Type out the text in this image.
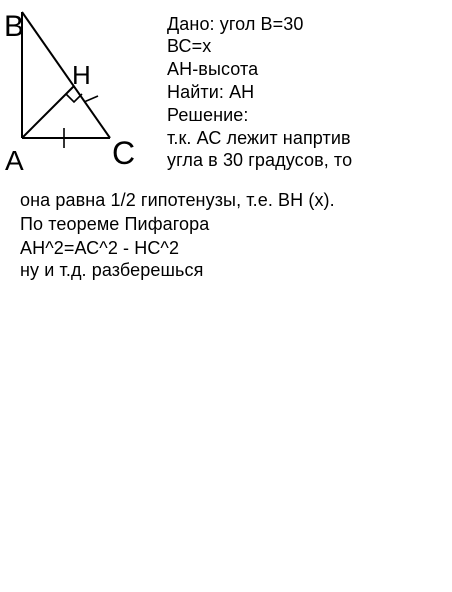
B
H
A	C
Дано: угол В=30
ВС=х
АН-высота
Найти: АН
Решение:
т.к. АС лежит напртив
угла в 30 градусов, то
она равна 1/2 гипотенузы, т.е. ВН (х).
По теореме Пифагора
АН^2=АС^2 - НС^2
ну и т.д. разберешься
